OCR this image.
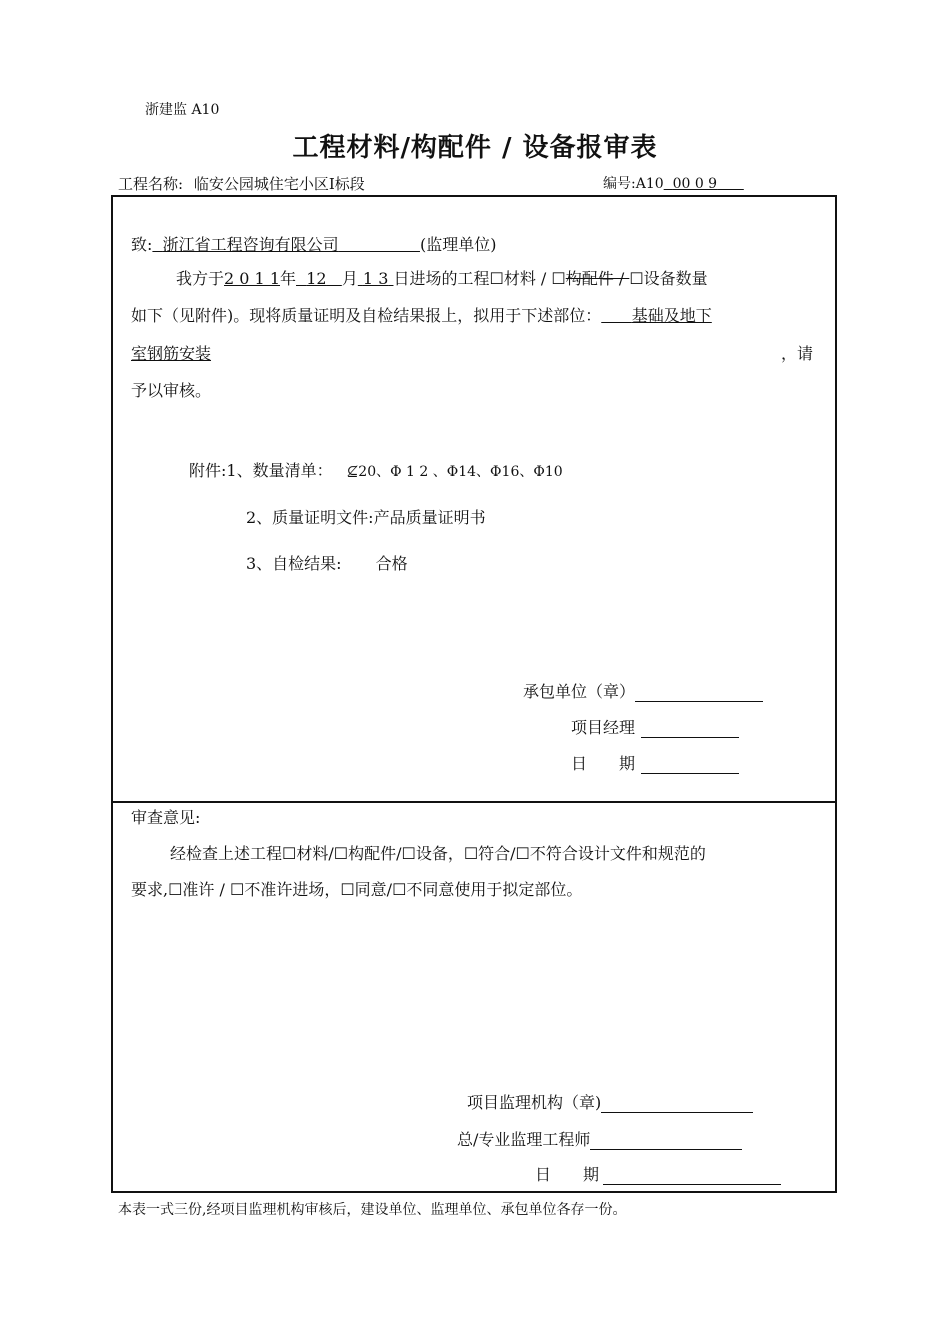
浙建监 A10
工程材料/构配件 / 设备报审表
工程名称: 临安公园城住宅小区Ⅰ标段	编号:A10 00 0 9
致: 浙江省工程咨询有限公司	(监理单位)
我方于2 0 1 1年 12 月 1 3 日进场的工程☐材料 / ☐构配件 / ☐设备数量
如下（见附件)。现将质量证明及自检结果报上，拟用于下述部位： 基础及地下
室钢筋安装	，请
予以审核。
附件:1、数量清单： ⊈20、Φ 1 2 、Φ14、Φ16、Φ10
2、质量证明文件:产品质量证明书
3、自检结果: 合格
承包单位（章）
项目经理
日　　期
审查意见:
经检查上述工程☐材料/☐构配件/☐设备，☐符合/☐不符合设计文件和规范的
要求,☐准许 / ☐不准许进场，☐同意/☐不同意使用于拟定部位。
项目监理机构（章)
总/专业监理工程师
日　　期
本表一式三份,经项目监理机构审核后，建设单位、监理单位、承包单位各存一份。
